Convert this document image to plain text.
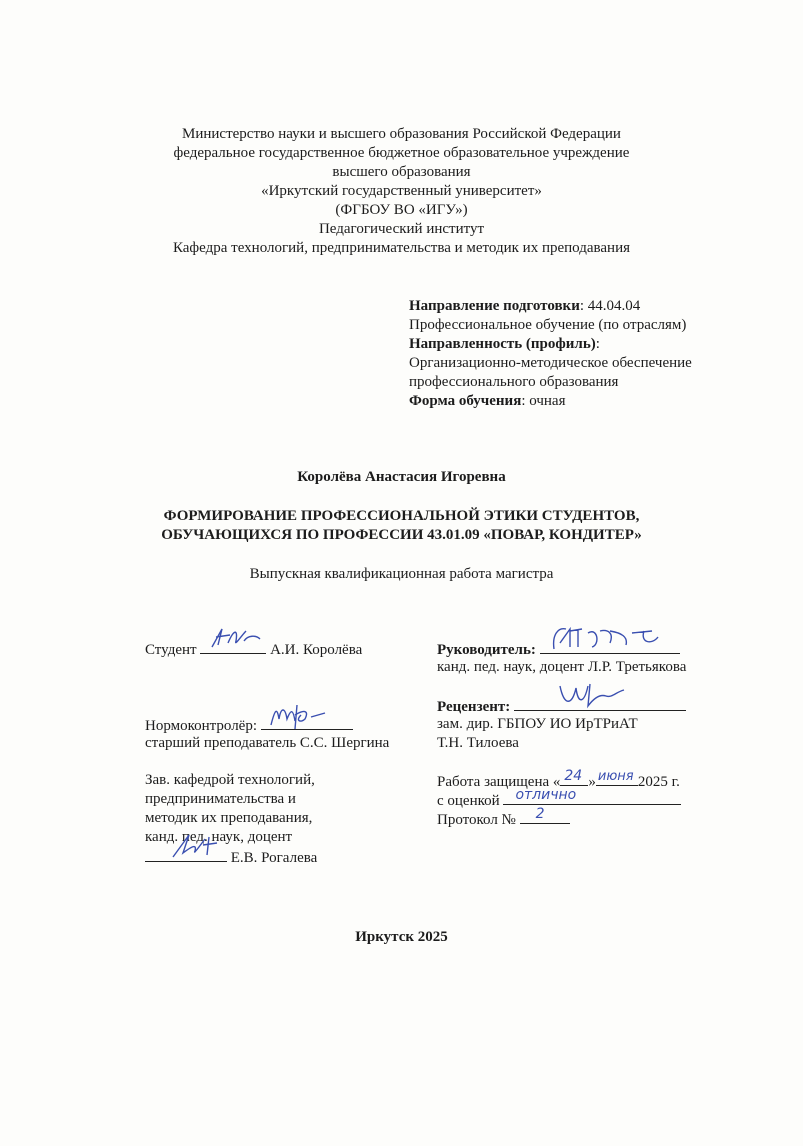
Министерство науки и высшего образования Российской Федерации
федеральное государственное бюджетное образовательное учреждение
высшего образования
«Иркутский государственный университет»
(ФГБОУ ВО «ИГУ»)
Педагогический институт
Кафедра технологий, предпринимательства и методик их преподавания
Направление подготовки: 44.04.04
Профессиональное обучение (по отраслям)
Направленность (профиль):
Организационно-методическое обеспечение
профессионального образования
Форма обучения: очная
Королёва Анастасия Игоревна
ФОРМИРОВАНИЕ ПРОФЕССИОНАЛЬНОЙ ЭТИКИ СТУДЕНТОВ,
ОБУЧАЮЩИХСЯ ПО ПРОФЕССИИ 43.01.09 «ПОВАР, КОНДИТЕР»
Выпускная квалификационная работа магистра
Студент	А.И. Королёва
Нормоконтролёр:
старший преподаватель С.С. Шергина
Зав. кафедрой технологий,
предпринимательства и
методик их преподавания,
канд. пед. наук, доцент
Е.В. Рогалева
Руководитель:
канд. пед. наук, доцент Л.Р. Третьякова
Рецензент:
зам. дир. ГБПОУ ИО ИрТРиАТ
Т.Н. Тилоева
Работа защищена « 24 » июня 2025 г.
с оценкой отлично
Протокол № 2
Иркутск 2025
